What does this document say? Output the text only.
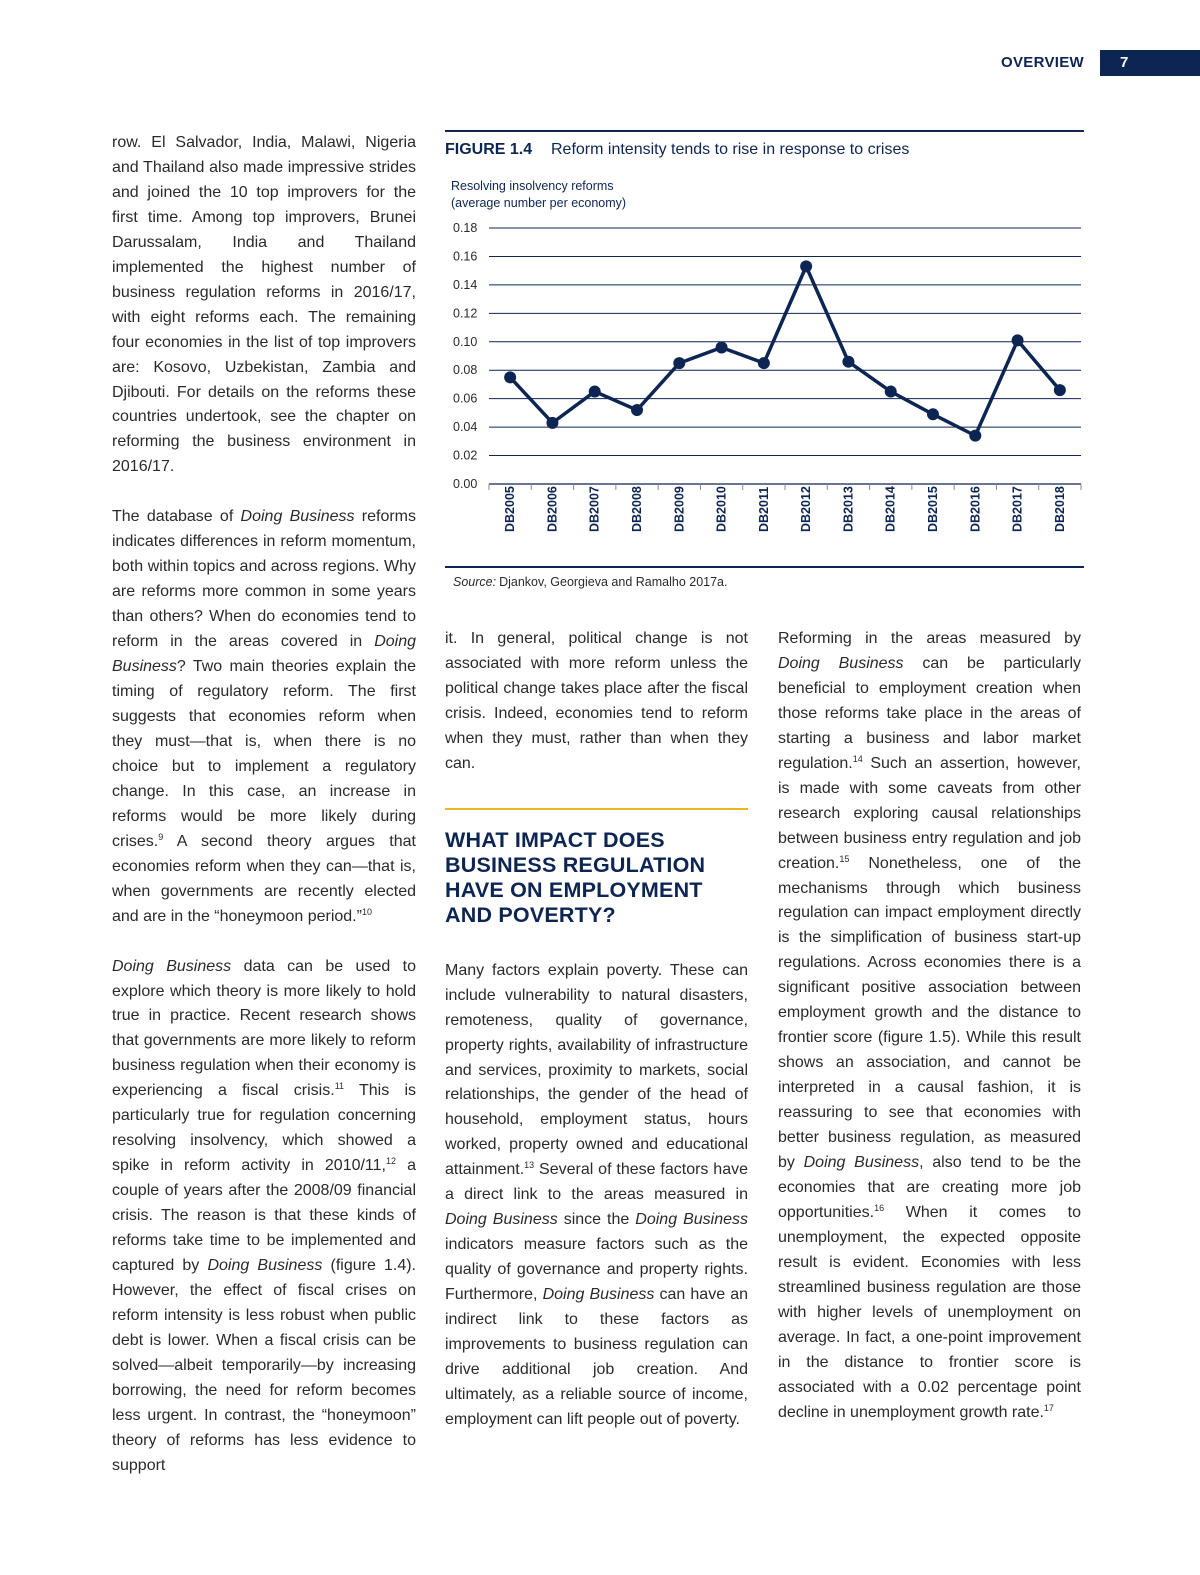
OVERVIEW	7

row. El Salvador, India, Malawi, Nigeria and Thailand also made impressive strides and joined the 10 top improvers for the first time. Among top improvers, Brunei Darussalam, India and Thailand implemented the highest number of business regulation reforms in 2016/17, with eight reforms each. The remaining four economies in the list of top improvers are: Kosovo, Uzbekistan, Zambia and Djibouti. For details on the reforms these countries undertook, see the chapter on reforming the business environment in 2016/17.

The database of Doing Business reforms indicates differences in reform momentum, both within topics and across regions. Why are reforms more common in some years than others? When do economies tend to reform in the areas covered in Doing Business? Two main theories explain the timing of regulatory reform. The first suggests that economies reform when they must—that is, when there is no choice but to implement a regulatory change. In this case, an increase in reforms would be more likely during crises.$^9$ A second theory argues that economies reform when they can—that is, when governments are recently elected and are in the “honeymoon period.”$^{10}$

Doing Business data can be used to explore which theory is more likely to hold true in practice. Recent research shows that governments are more likely to reform business regulation when their economy is experiencing a fiscal crisis.$^{11}$ This is particularly true for regulation concerning resolving insolvency, which showed a spike in reform activity in 2010/11,12 a couple of years after the 2008/09 financial crisis. The reason is that these kinds of reforms take time to be implemented and captured by Doing Business (figure 1.4). However, the effect of fiscal crises on reform intensity is less robust when public debt is lower. When a fiscal crisis can be solved—albeit temporarily—by increasing borrowing, the need for reform becomes less urgent. In contrast, the “honeymoon” theory of reforms has less evidence to support

FIGURE 1.4 Reform intensity tends to rise in response to crises
Resolving insolvency reforms
(average number per economy)
0.00
0.02
0.04
0.06
0.08
0.10
0.12
0.14
0.16
0.18
DB2005 DB2006 DB2007 DB2008 DB2009 DB2010 DB2011 DB2012 DB2013 DB2014 DB2015 DB2016 DB2017 DB2018
Source: Djankov, Georgieva and Ramalho 2017a.

it. In general, political change is not associated with more reform unless the political change takes place after the fiscal crisis. Indeed, economies tend to reform when they must, rather than when they can.

WHAT IMPACT DOES BUSINESS REGULATION HAVE ON EMPLOYMENT AND POVERTY?

Many factors explain poverty. These can include vulnerability to natural disasters, remoteness, quality of governance, property rights, availability of infrastructure and services, proximity to markets, social relationships, the gender of the head of household, employment status, hours worked, property owned and educational attainment.$^{13}$ Several of these factors have a direct link to the areas measured in Doing Business since the Doing Business indicators measure factors such as the quality of governance and property rights. Furthermore, Doing Business can have an indirect link to these factors as improvements to business regulation can drive additional job creation. And ultimately, as a reliable source of income, employment can lift people out of poverty.

Reforming in the areas measured by Doing Business can be particularly beneficial to employment creation when those reforms take place in the areas of starting a business and labor market regulation.$^{14}$ Such an assertion, however, is made with some caveats from other research exploring causal relationships between business entry regulation and job creation.$^{15}$ Nonetheless, one of the mechanisms through which business regulation can impact employment directly is the simplification of business start-up regulations. Across economies there is a significant positive association between employment growth and the distance to frontier score (figure 1.5). While this result shows an association, and cannot be interpreted in a causal fashion, it is reassuring to see that economies with better business regulation, as measured by Doing Business, also tend to be the economies that are creating more job opportunities.$^{16}$ When it comes to unemployment, the expected opposite result is evident. Economies with less streamlined business regulation are those with higher levels of unemployment on average. In fact, a one-point improvement in the distance to frontier score is associated with a 0.02 percentage point decline in unemployment growth rate.$^{17}$
